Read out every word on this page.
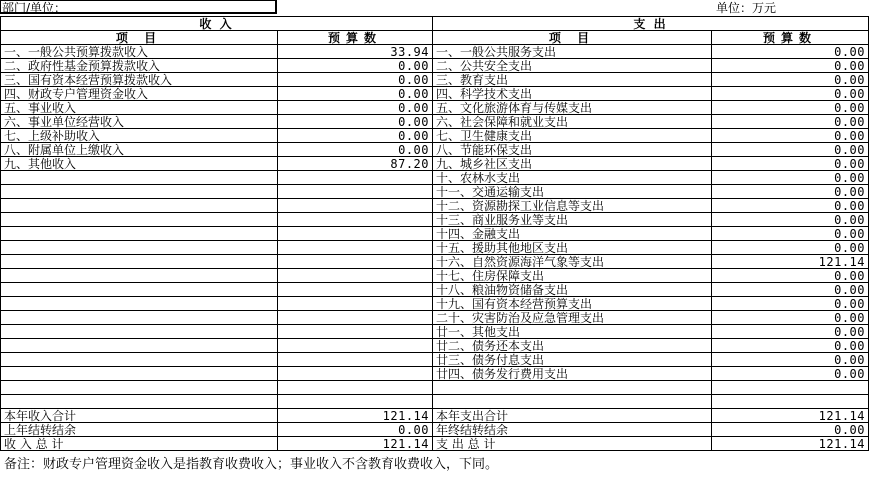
部门/单位：	单位：万元
收 入		支 出	
项 目	预算数	项 目	预算数
一、一般公共预算拨款收入	33.94	一、一般公共服务支出	0.00
二、政府性基金预算拨款收入	0.00	二、公共安全支出	0.00
三、国有资本经营预算拨款收入	0.00	三、教育支出	0.00
四、财政专户管理资金收入	0.00	四、科学技术支出	0.00
五、事业收入	0.00	五、文化旅游体育与传媒支出	0.00
六、事业单位经营收入	0.00	六、社会保障和就业支出	0.00
七、上级补助收入	0.00	七、卫生健康支出	0.00
八、附属单位上缴收入	0.00	八、节能环保支出	0.00
九、其他收入	87.20	九、城乡社区支出	0.00
		十、农林水支出	0.00
		十一、交通运输支出	0.00
		十二、资源勘探工业信息等支出	0.00
		十三、商业服务业等支出	0.00
		十四、金融支出	0.00
		十五、援助其他地区支出	0.00
		十六、自然资源海洋气象等支出	121.14
		十七、住房保障支出	0.00
		十八、粮油物资储备支出	0.00
		十九、国有资本经营预算支出	0.00
		二十、灾害防治及应急管理支出	0.00
		廿一、其他支出	0.00
		廿二、债务还本支出	0.00
		廿三、债务付息支出	0.00
		廿四、债务发行费用支出	0.00

本年收入合计	121.14	本年支出合计	121.14
上年结转结余	0.00	年终结转结余	0.00
收 入 总 计	121.14	支 出 总 计	121.14
备注：财政专户管理资金收入是指教育收费收入；事业收入不含教育收费收入，下同。
